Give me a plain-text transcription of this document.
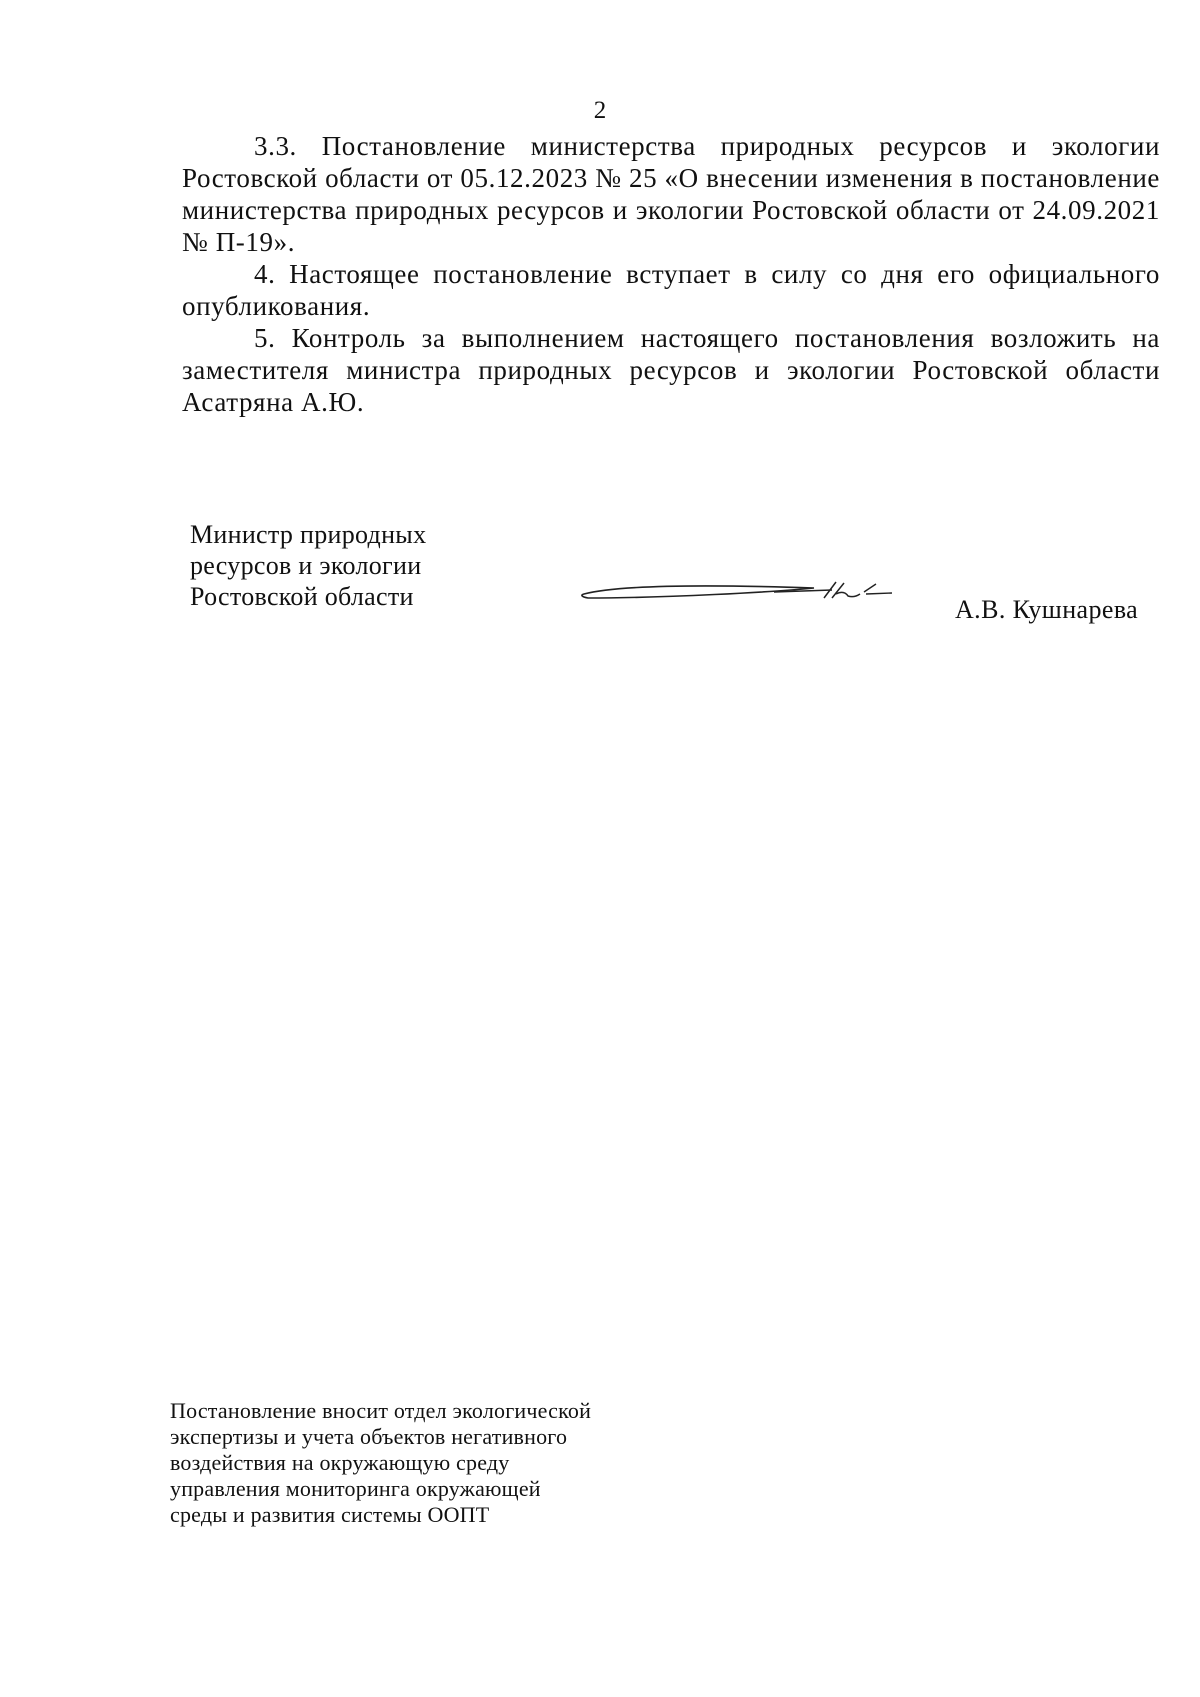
2

3.3. Постановление министерства природных ресурсов и экологии Ростовской области от 05.12.2023 № 25 «О внесении изменения в постановление министерства природных ресурсов и экологии Ростовской области от 24.09.2021 № П-19».

4. Настоящее постановление вступает в силу со дня его официального опубликования.

5. Контроль за выполнением настоящего постановления возложить на заместителя министра природных ресурсов и экологии Ростовской области Асатряна А.Ю.

Министр природных
ресурсов и экологии
Ростовской области	А.В. Кушнарева
Постановление вносит отдел экологической
экспертизы и учета объектов негативного
воздействия на окружающую среду
управления мониторинга окружающей
среды и развития системы ООПТ
